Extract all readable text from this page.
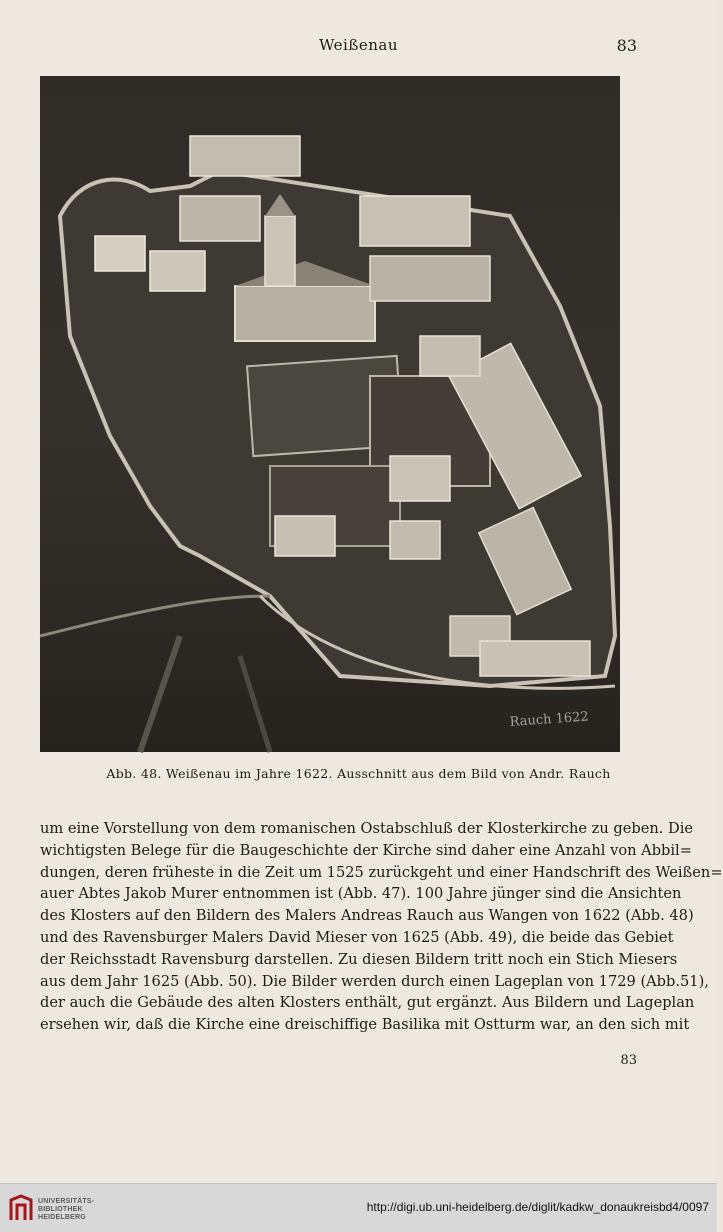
Weißenau	83
Rauch 1622
Abb. 48. Weißenau im Jahre 1622. Ausschnitt aus dem Bild von Andr. Rauch
um eine Vorstellung von dem romanischen Ostabschluß der Klosterkirche zu geben. Die
wichtigsten Belege für die Baugeschichte der Kirche sind daher eine Anzahl von Abbil=
dungen, deren früheste in die Zeit um 1525 zurückgeht und einer Handschrift des Weißen=
auer Abtes Jakob Murer entnommen ist (Abb. 47). 100 Jahre jünger sind die Ansichten
des Klosters auf den Bildern des Malers Andreas Rauch aus Wangen von 1622 (Abb. 48)
und des Ravensburger Malers David Mieser von 1625 (Abb. 49), die beide das Gebiet
der Reichsstadt Ravensburg darstellen. Zu diesen Bildern tritt noch ein Stich Miesers
aus dem Jahr 1625 (Abb. 50). Die Bilder werden durch einen Lageplan von 1729 (Abb.51),
der auch die Gebäude des alten Klosters enthält, gut ergänzt. Aus Bildern und Lageplan
ersehen wir, daß die Kirche eine dreischiffige Basilika mit Ostturm war, an den sich mit
83
UNIVERSITÄTS-
BIBLIOTHEK
HEIDELBERG
http://digi.ub.uni-heidelberg.de/diglit/kadkw_donaukreisbd4/0097
